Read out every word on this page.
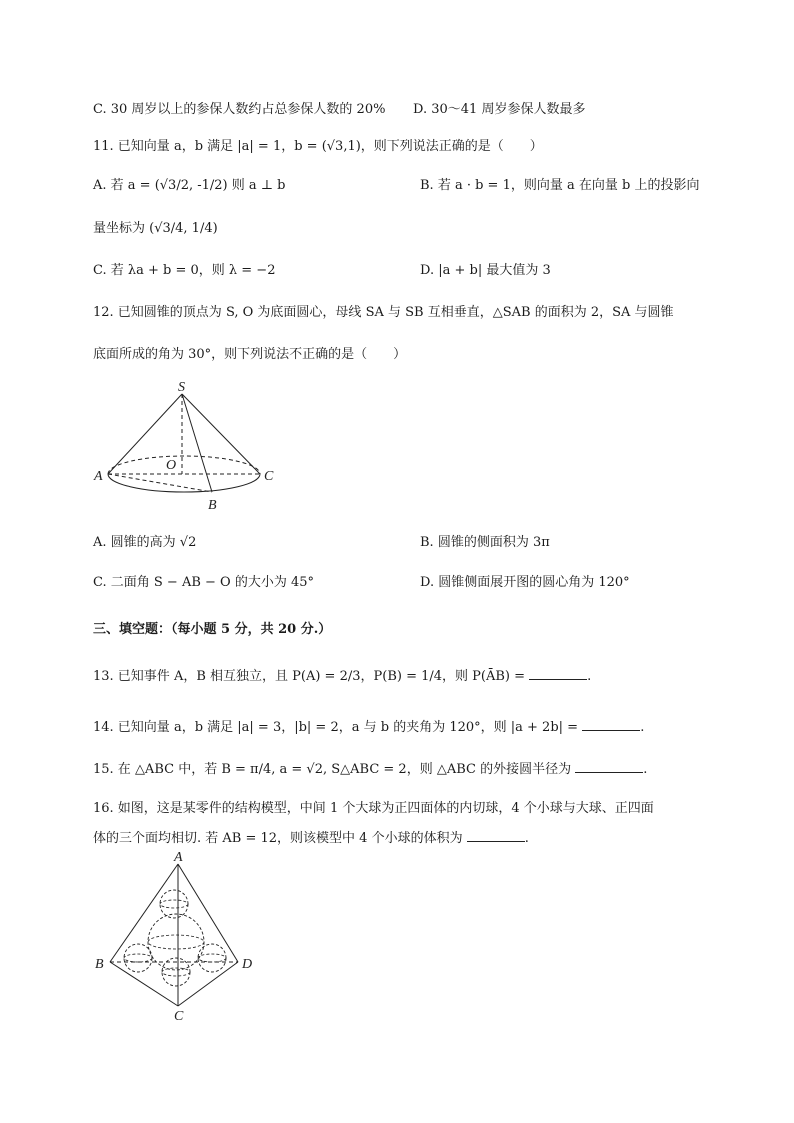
C. 30 周岁以上的参保人数约占总参保人数的 20% D. 30～41 周岁参保人数最多
11. 已知向量 a，b 满足 |a| = 1，b = (√3,1)，则下列说法正确的是（　　）
A. 若 a = (√3/2, -1/2) 则 a ⊥ b	B. 若 a · b = 1，则向量 a 在向量 b 上的投影向
量坐标为 (√3/4, 1/4)
C. 若 λa + b = 0，则 λ = −2	D. |a + b| 最大值为 3
12. 已知圆锥的顶点为 S, O 为底面圆心，母线 SA 与 SB 互相垂直，△SAB 的面积为 2，SA 与圆锥
底面所成的角为 30°，则下列说法不正确的是（　　）
S
O
A	C
B
A. 圆锥的高为 √2	B. 圆锥的侧面积为 3π
C. 二面角 S − AB − O 的大小为 45°	D. 圆锥侧面展开图的圆心角为 120°
三、填空题：（每小题 5 分，共 20 分.）
13. 已知事件 A，B 相互独立，且 P(A) = 2/3，P(B) = 1/4，则 P(ĀB) =	.
14. 已知向量 a，b 满足 |a| = 3，|b| = 2，a 与 b 的夹角为 120°，则 |a + 2b| =	.
15. 在 △ABC 中，若 B = π/4, a = √2, S△ABC = 2，则 △ABC 的外接圆半径为	.
16. 如图，这是某零件的结构模型，中间 1 个大球为正四面体的内切球，4 个小球与大球、正四面
体的三个面均相切. 若 AB = 12，则该模型中 4 个小球的体积为	.
A
B	D
C
